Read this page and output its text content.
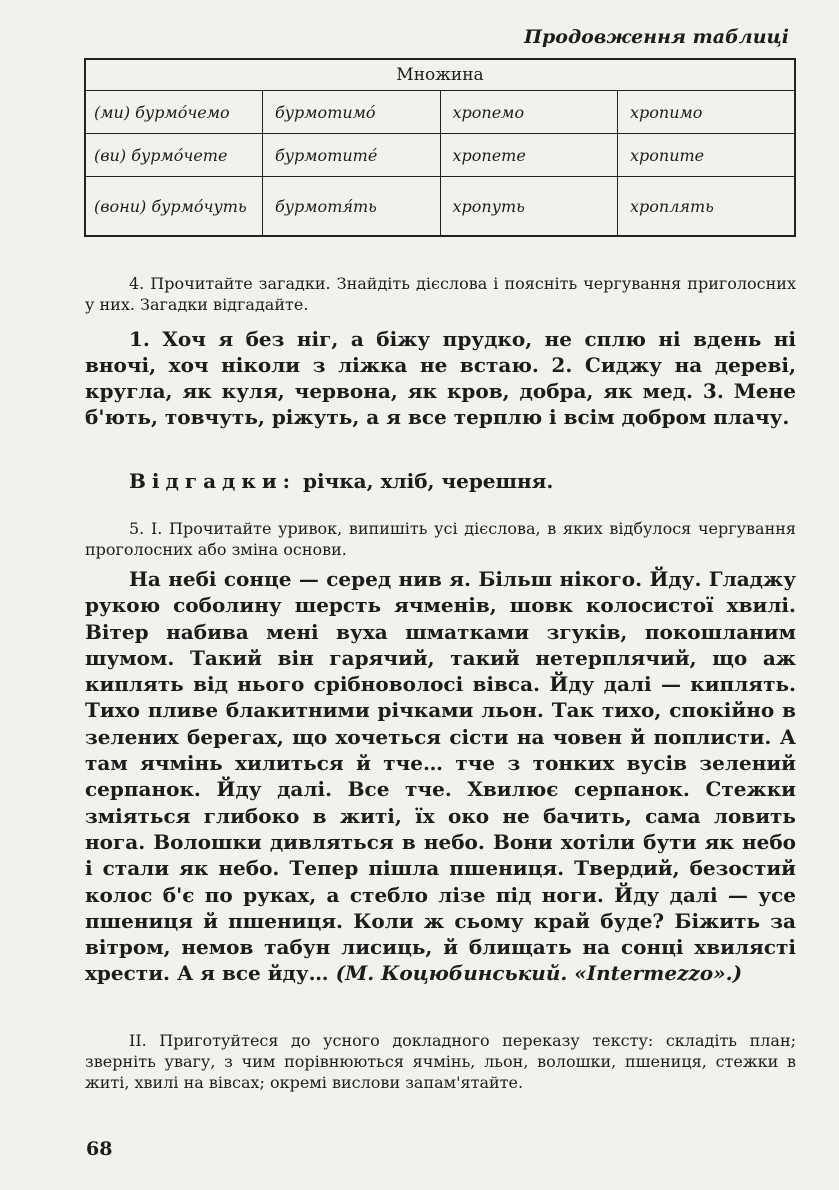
Продовження таблиці
Множина			
(ми) бурмо́чемо	бурмотимо́	хропемо	хропимо
(ви) бурмо́чете	бурмотите́	хропете	хропите
(вони) бурмо́чуть	бурмотя́ть	хропуть	хроплять

4. Прочитайте загадки. Знайдіть дієслова і поясніть чергування приголосних у них. Загадки відгадайте.

1. Хоч я без ніг, а біжу прудко, не сплю ні вдень ні вночі, хоч ніколи з ліжка не встаю. 2. Сиджу на дереві, кругла, як куля, червона, як кров, добра, як мед. 3. Мене б'ють, товчуть, ріжуть, а я все терплю і всім добром плачу.

Відгадки: річка, хліб, черешня.

5. I. Прочитайте уривок, випишіть усі дієслова, в яких відбулося чергування проголосних або зміна основи.

На небі сонце — серед нив я. Більш нікого. Йду. Гладжу рукою соболину шерсть ячменів, шовк колосистої хвилі. Вітер набива мені вуха шматками згуків, покошланим шумом. Такий він гарячий, такий нетерплячий, що аж киплять від нього срібноволосі вівса. Йду далі — киплять. Тихо пливе блакитними річками льон. Так тихо, спокійно в зелених берегах, що хочеться сісти на човен й поплисти. А там ячмінь хилиться й тче… тче з тонких вусів зелений серпанок. Йду далі. Все тче. Хвилює серпанок. Стежки зміяться глибоко в житі, їх око не бачить, сама ловить нога. Волошки дивляться в небо. Вони хотіли бути як небо і стали як небо. Тепер пішла пшениця. Твердий, безостий колос б'є по руках, а стебло лізе під ноги. Йду далі — усе пшениця й пшениця. Коли ж сьому край буде? Біжить за вітром, немов табун лисиць, й блищать на сонці хвилясті хрести. А я все йду… (М. Коцюбинський. «Intermezzo».)

II. Приготуйтеся до усного докладного переказу тексту: складіть план; зверніть увагу, з чим порівнюються ячмінь, льон, волошки, пшениця, стежки в житі, хвилі на вівсах; окремі вислови запам'ятайте.

68
